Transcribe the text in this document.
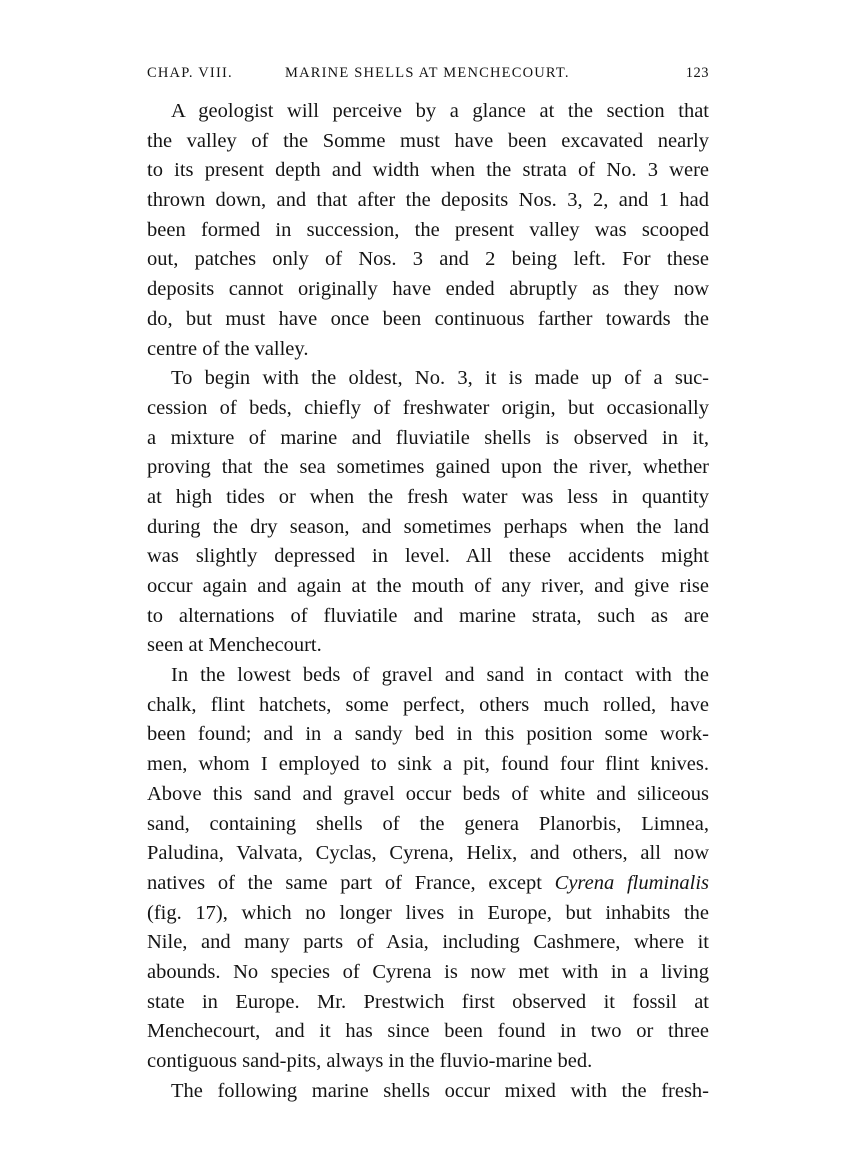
CHAP. VIII.	MARINE SHELLS AT MENCHECOURT.	123
A geologist will perceive by a glance at the section that
the valley of the Somme must have been excavated nearly
to its present depth and width when the strata of No. 3 were
thrown down, and that after the deposits Nos. 3, 2, and 1 had
been formed in succession, the present valley was scooped
out, patches only of Nos. 3 and 2 being left. For these
deposits cannot originally have ended abruptly as they now
do, but must have once been continuous farther towards the
centre of the valley.
To begin with the oldest, No. 3, it is made up of a suc-
cession of beds, chiefly of freshwater origin, but occasionally
a mixture of marine and fluviatile shells is observed in it,
proving that the sea sometimes gained upon the river, whether
at high tides or when the fresh water was less in quantity
during the dry season, and sometimes perhaps when the land
was slightly depressed in level. All these accidents might
occur again and again at the mouth of any river, and give rise
to alternations of fluviatile and marine strata, such as are
seen at Menchecourt.
In the lowest beds of gravel and sand in contact with the
chalk, flint hatchets, some perfect, others much rolled, have
been found; and in a sandy bed in this position some work-
men, whom I employed to sink a pit, found four flint knives.
Above this sand and gravel occur beds of white and siliceous
sand, containing shells of the genera Planorbis, Limnea,
Paludina, Valvata, Cyclas, Cyrena, Helix, and others, all now
natives of the same part of France, except Cyrena fluminalis
(fig. 17), which no longer lives in Europe, but inhabits the
Nile, and many parts of Asia, including Cashmere, where it
abounds. No species of Cyrena is now met with in a living
state in Europe. Mr. Prestwich first observed it fossil at
Menchecourt, and it has since been found in two or three
contiguous sand-pits, always in the fluvio-marine bed.
The following marine shells occur mixed with the fresh-
